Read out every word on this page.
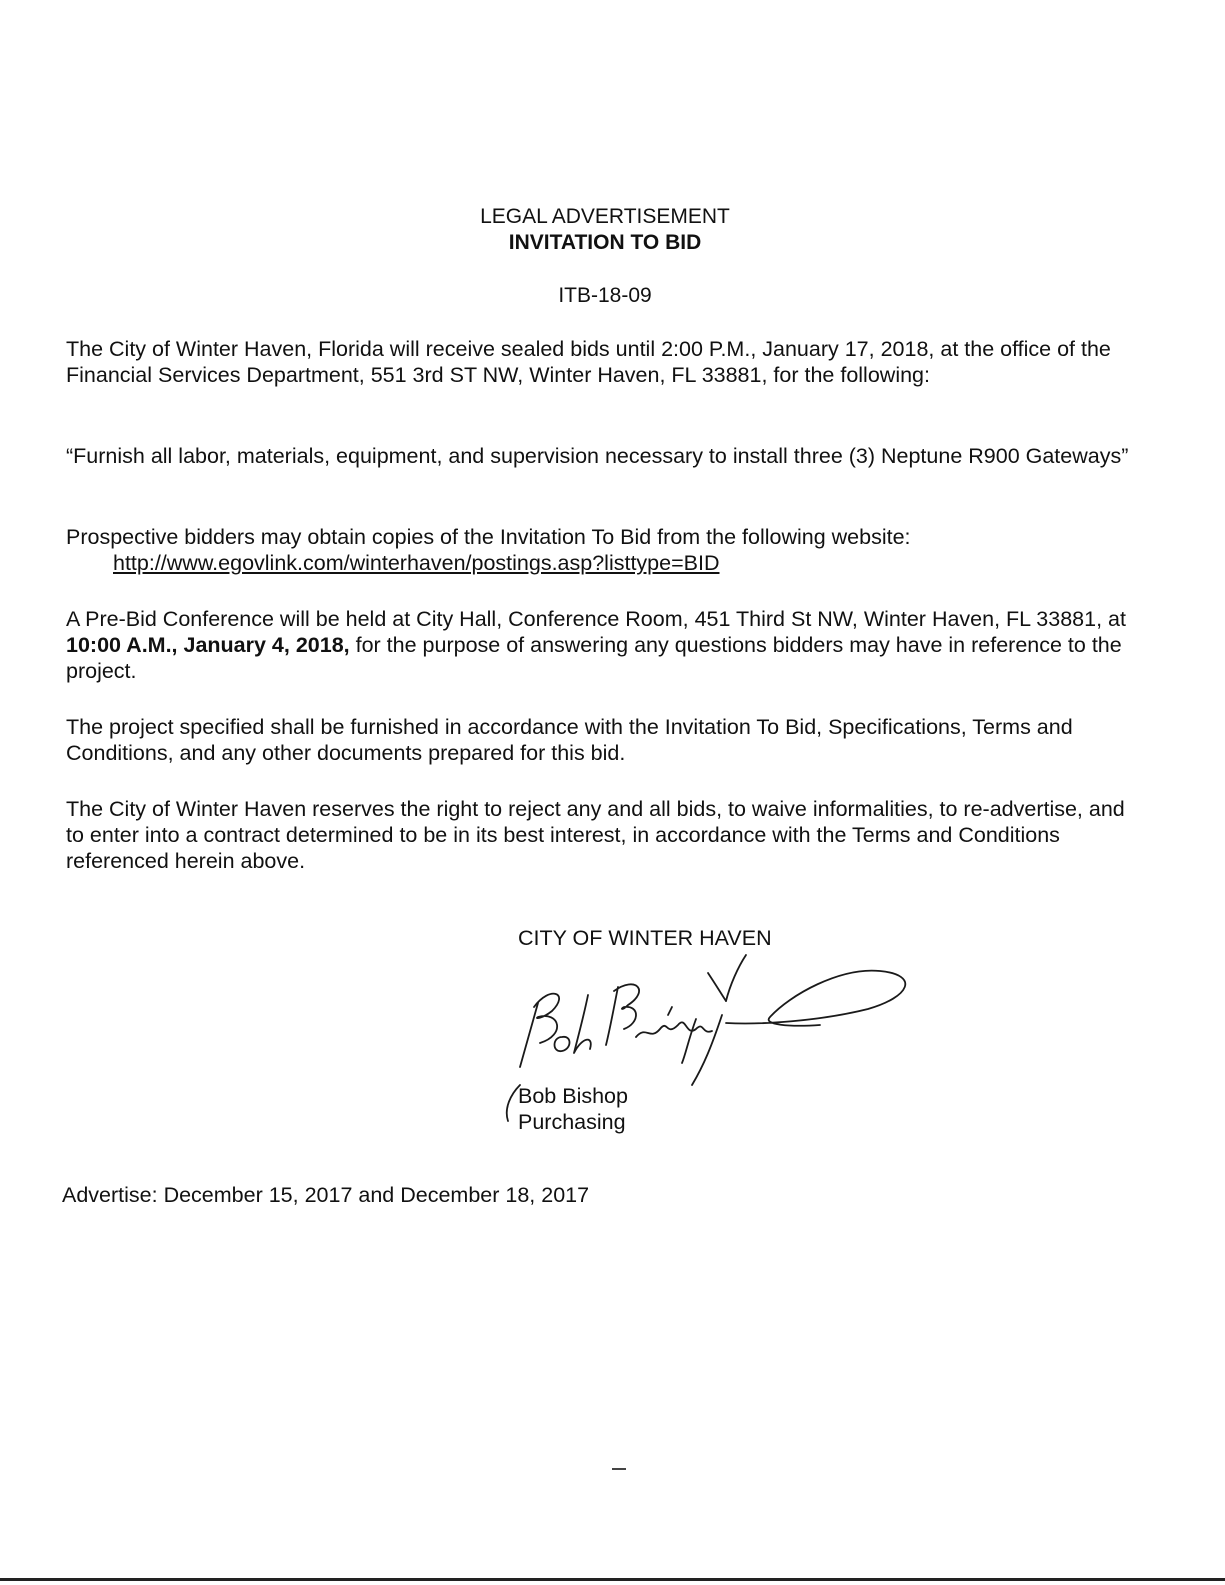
LEGAL ADVERTISEMENT
INVITATION TO BID
ITB-18-09

The City of Winter Haven, Florida will receive sealed bids until 2:00 P.M., January 17, 2018, at the office of the Financial Services Department, 551 3rd ST NW, Winter Haven, FL 33881, for the following:

“Furnish all labor, materials, equipment, and supervision necessary to install three (3) Neptune R900 Gateways”

Prospective bidders may obtain copies of the Invitation To Bid from the following website:
http://www.egovlink.com/winterhaven/postings.asp?listtype=BID

A Pre-Bid Conference will be held at City Hall, Conference Room, 451 Third St NW, Winter Haven, FL 33881, at 10:00 A.M., January 4, 2018, for the purpose of answering any questions bidders may have in reference to the project.

The project specified shall be furnished in accordance with the Invitation To Bid, Specifications, Terms and Conditions, and any other documents prepared for this bid.

The City of Winter Haven reserves the right to reject any and all bids, to waive informalities, to re-advertise, and to enter into a contract determined to be in its best interest, in accordance with the Terms and Conditions referenced herein above.

CITY OF WINTER HAVEN
Bob Bishop
Purchasing
Advertise: December 15, 2017 and December 18, 2017
